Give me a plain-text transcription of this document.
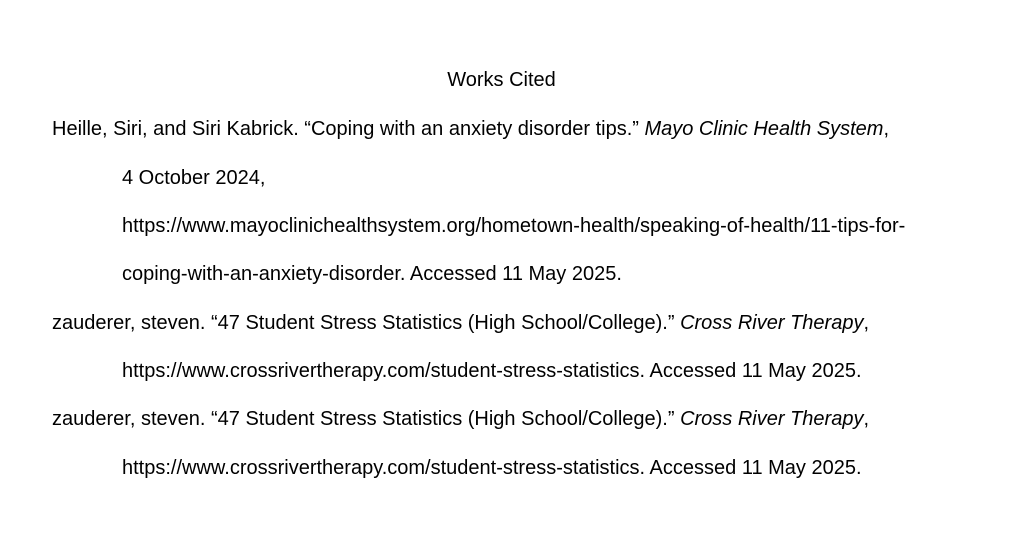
Works Cited
Heille, Siri, and Siri Kabrick. “Coping with an anxiety disorder tips.” Mayo Clinic Health System,
4 October 2024,
https://www.mayoclinichealthsystem.org/hometown-health/speaking-of-health/11-tips-for-
coping-with-an-anxiety-disorder. Accessed 11 May 2025.
zauderer, steven. “47 Student Stress Statistics (High School/College).” Cross River Therapy,
https://www.crossrivertherapy.com/student-stress-statistics. Accessed 11 May 2025.
zauderer, steven. “47 Student Stress Statistics (High School/College).” Cross River Therapy,
https://www.crossrivertherapy.com/student-stress-statistics. Accessed 11 May 2025.
